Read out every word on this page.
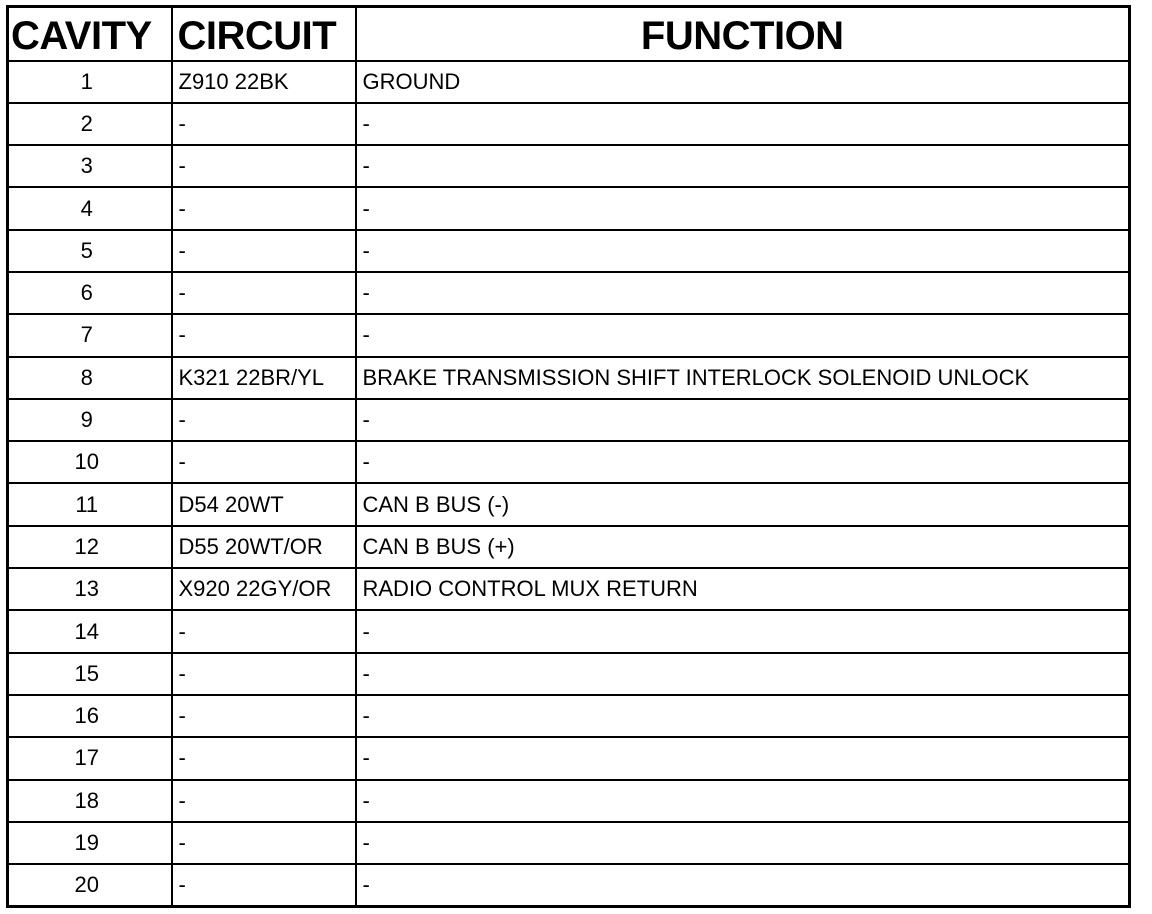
CAVITY	CIRCUIT	FUNCTION
1	Z910 22BK	GROUND
2	-	-
3	-	-
4	-	-
5	-	-
6	-	-
7	-	-
8	K321 22BR/YL	BRAKE TRANSMISSION SHIFT INTERLOCK SOLENOID UNLOCK
9	-	-
10	-	-
11	D54 20WT	CAN B BUS (-)
12	D55 20WT/OR	CAN B BUS (+)
13	X920 22GY/OR	RADIO CONTROL MUX RETURN
14	-	-
15	-	-
16	-	-
17	-	-
18	-	-
19	-	-
20	-	-
